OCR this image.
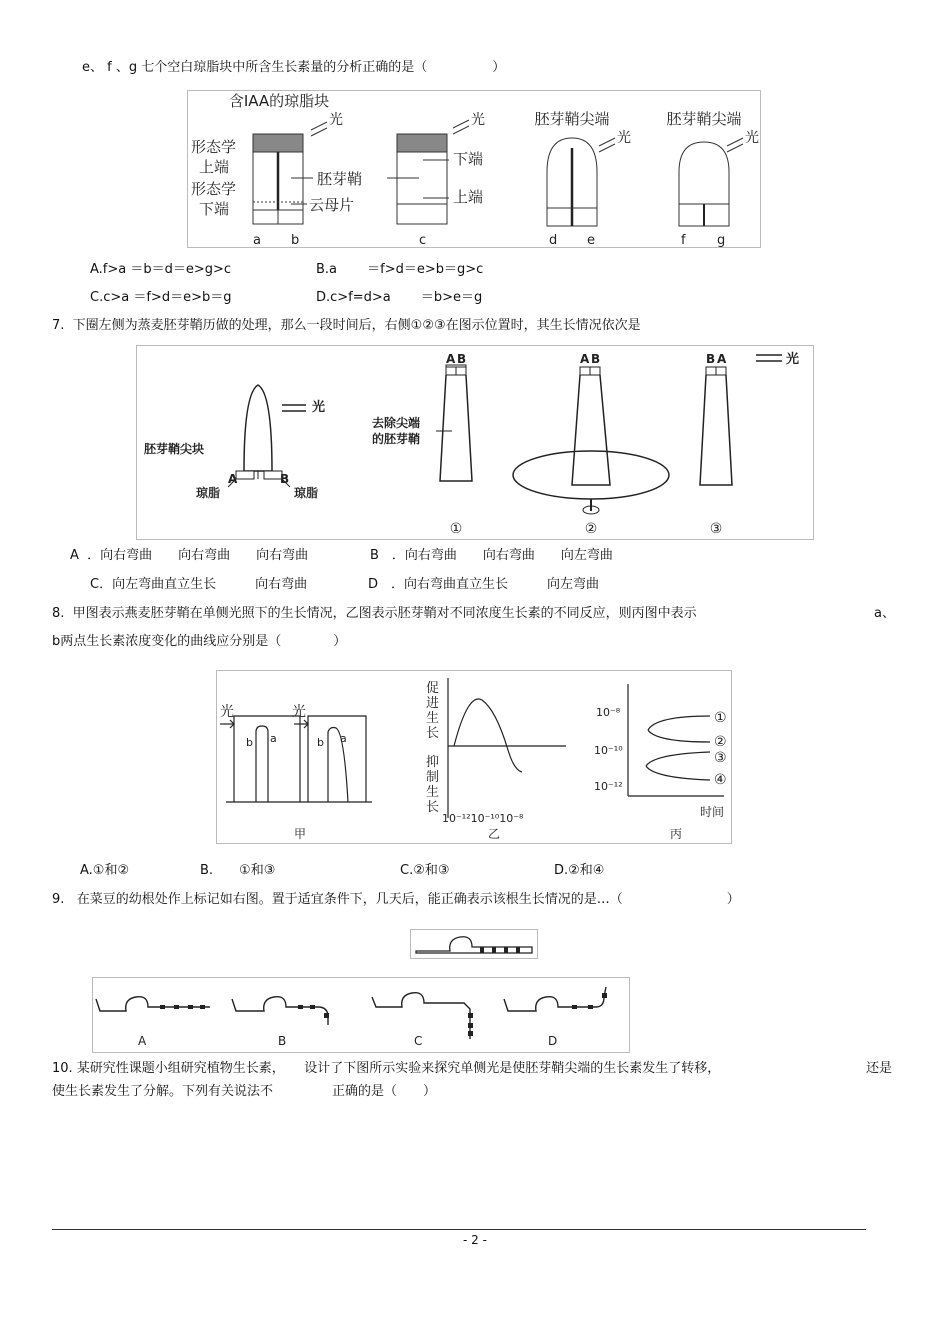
e、 f 、g 七个空白琼脂块中所含生长素量的分析正确的是（　　　　　）
含IAA的琼脂块
光	光
光	光
形态学
上端
形态学
下端
胚芽鞘
云母片
下端
上端
胚芽鞘尖端	胚芽鞘尖端
a b	c	d e	f g
A.f>a ＝b＝d＝e>g>c	B.a 　　＝f>d＝e>b＝g>c
C.c>a ＝f>d＝e>b＝g	D.c>f=d>a 　　＝b>e＝g
7.  下圈左侧为蒸麦胚芽鞘历做的处理，那么一段时间后，右侧①②③在图示位置时，其生长情况依次是
光
光
胚芽鞘尖块
A	B
琼脂	琼脂
去除尖端
的胚芽鞘
A B	A B	B A
①	②	③
A  ．向右弯曲　　向右弯曲　　向右弯曲	B　．向右弯曲　　向右弯曲　　向左弯曲
C．向左弯曲直立生长　　　向右弯曲	D　．向右弯曲直立生长　　　向左弯曲
8.  甲图表示燕麦胚芽鞘在单侧光照下的生长情况，乙图表示胚芽鞘对不同浓度生长素的不同反应，则丙图中表示	a、
b两点生长素浓度变化的曲线应分别是（　　　　）
光	光
b a	b a
甲
促进生长
抑制生长
10⁻¹²10⁻¹⁰10⁻⁸
乙
10⁻⁸
10⁻¹⁰
10⁻¹²
①
②
③
④
时间
丙
A.①和②	B.　　①和③	C.②和③	D.②和④
9.   在菜豆的幼根处作上标记如右图。置于适宜条件下，几天后，能正确表示该根生长情况的是…（　　　　　　　　）
A	B	C	D
10. 某研究性课题小组研究植物生长素，　　设计了下图所示实验来探究单侧光是使胚芽鞘尖端的生长素发生了转移，	还是
使生长素发生了分解。下列有关说法不	正确的是（　　）
- 2 -
